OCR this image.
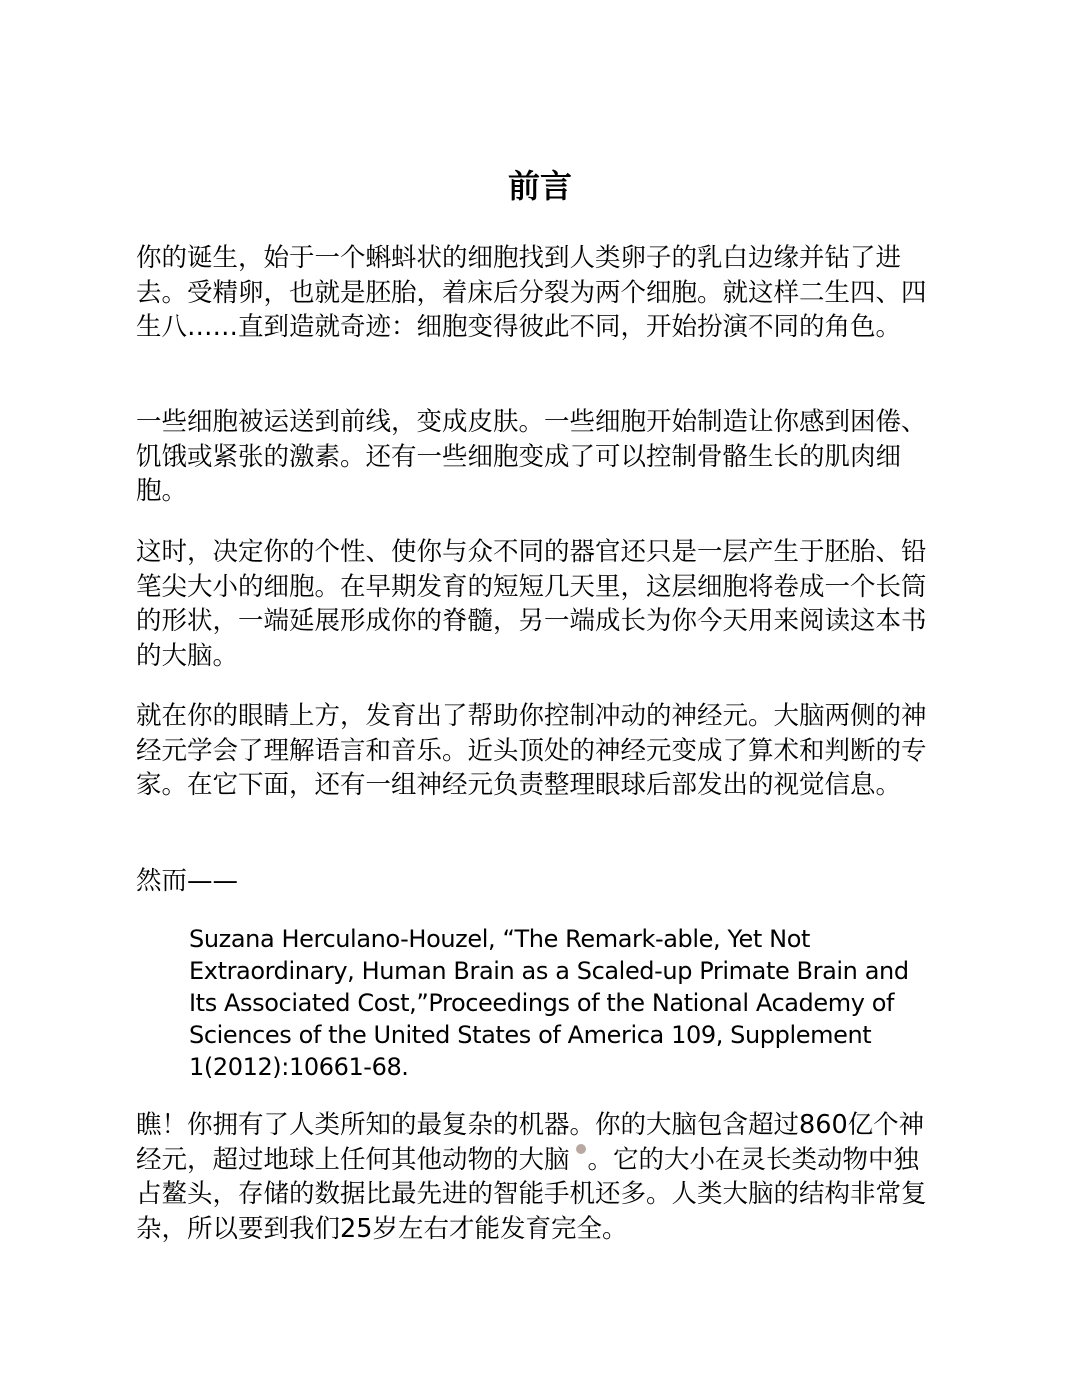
前言

你的诞生，始于一个蝌蚪状的细胞找到人类卵子的乳白边缘并钻了进去。受精卵，也就是胚胎，着床后分裂为两个细胞。就这样二生四、四生八……直到造就奇迹：细胞变得彼此不同，开始扮演不同的角色。

一些细胞被运送到前线，变成皮肤。一些细胞开始制造让你感到困倦、饥饿或紧张的激素。还有一些细胞变成了可以控制骨骼生长的肌肉细胞。

这时，决定你的个性、使你与众不同的器官还只是一层产生于胚胎、铅笔尖大小的细胞。在早期发育的短短几天里，这层细胞将卷成一个长筒的形状，一端延展形成你的脊髓，另一端成长为你今天用来阅读这本书的大脑。

就在你的眼睛上方，发育出了帮助你控制冲动的神经元。大脑两侧的神经元学会了理解语言和音乐。近头顶处的神经元变成了算术和判断的专家。在它下面，还有一组神经元负责整理眼球后部发出的视觉信息。

然而——

Suzana Herculano-Houzel, “The Remark-able, Yet Not Extraordinary, Human Brain as a Scaled-up Primate Brain and Its Associated Cost,”Proceedings of the National Academy of Sciences of the United States of America 109, Supplement 1(2012):10661-68.

瞧！你拥有了人类所知的最复杂的机器。你的大脑包含超过860亿个神经元，超过地球上任何其他动物的大脑 。它的大小在灵长类动物中独占鳌头，存储的数据比最先进的智能手机还多。人类大脑的结构非常复杂，所以要到我们25岁左右才能发育完全。
